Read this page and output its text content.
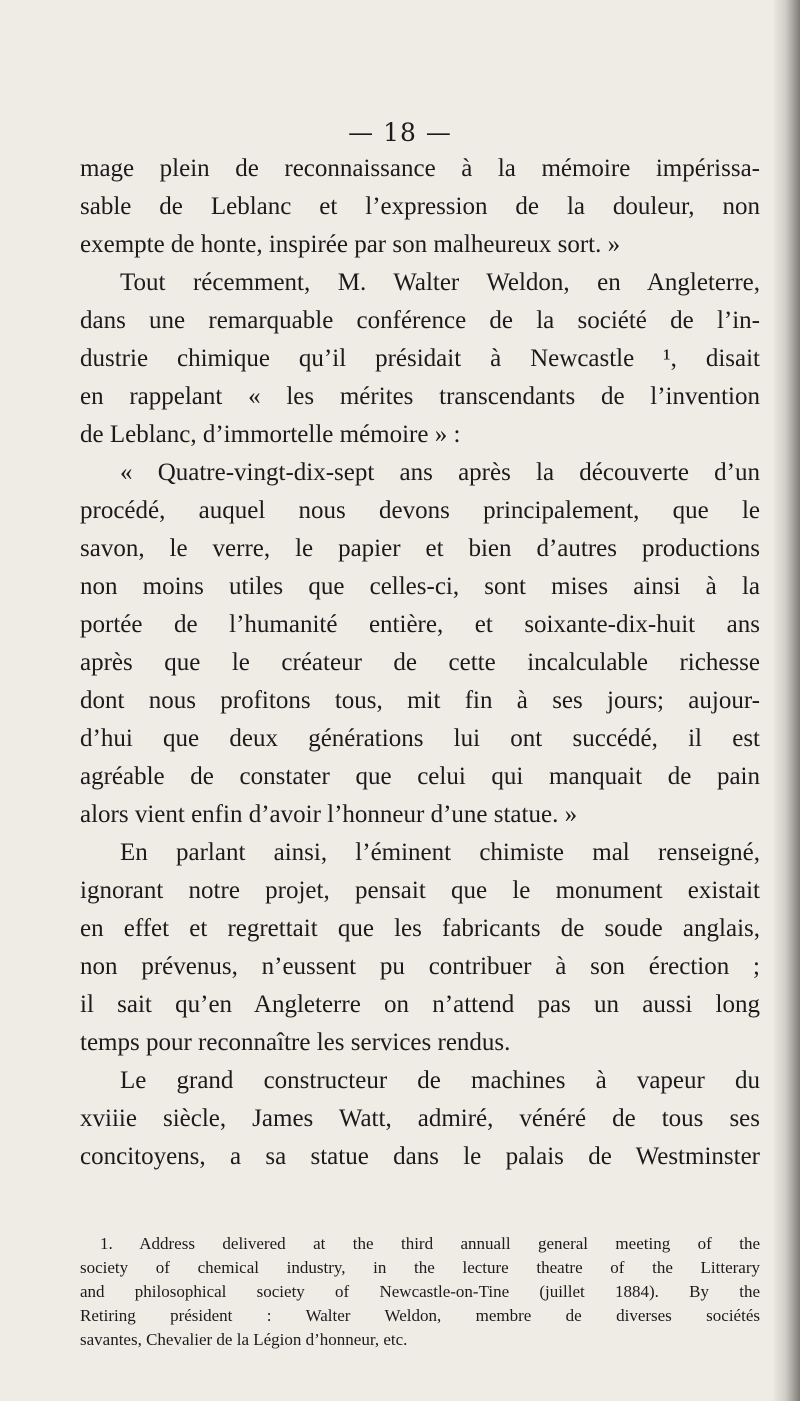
— 18 —
mage plein de reconnaissance à la mémoire impérissa-
sable de Leblanc et l’expression de la douleur, non
exempte de honte, inspirée par son malheureux sort. »
Tout récemment, M. Walter Weldon, en Angleterre,
dans une remarquable conférence de la société de l’in-
dustrie chimique qu’il présidait à Newcastle ¹, disait
en rappelant « les mérites transcendants de l’invention
de Leblanc, d’immortelle mémoire » :
« Quatre-vingt-dix-sept ans après la découverte d’un
procédé, auquel nous devons principalement, que le
savon, le verre, le papier et bien d’autres productions
non moins utiles que celles-ci, sont mises ainsi à la
portée de l’humanité entière, et soixante-dix-huit ans
après que le créateur de cette incalculable richesse
dont nous profitons tous, mit fin à ses jours; aujour-
d’hui que deux générations lui ont succédé, il est
agréable de constater que celui qui manquait de pain
alors vient enfin d’avoir l’honneur d’une statue. »
En parlant ainsi, l’éminent chimiste mal renseigné,
ignorant notre projet, pensait que le monument existait
en effet et regrettait que les fabricants de soude anglais,
non prévenus, n’eussent pu contribuer à son érection ;
il sait qu’en Angleterre on n’attend pas un aussi long
temps pour reconnaître les services rendus.
Le grand constructeur de machines à vapeur du
xviiie siècle, James Watt, admiré, vénéré de tous ses
concitoyens, a sa statue dans le palais de Westminster
1. Address delivered at the third annuall general meeting of the
society of chemical industry, in the lecture theatre of the Litterary
and philosophical society of Newcastle-on-Tine (juillet 1884). By the
Retiring président : Walter Weldon, membre de diverses sociétés
savantes, Chevalier de la Légion d’honneur, etc.
